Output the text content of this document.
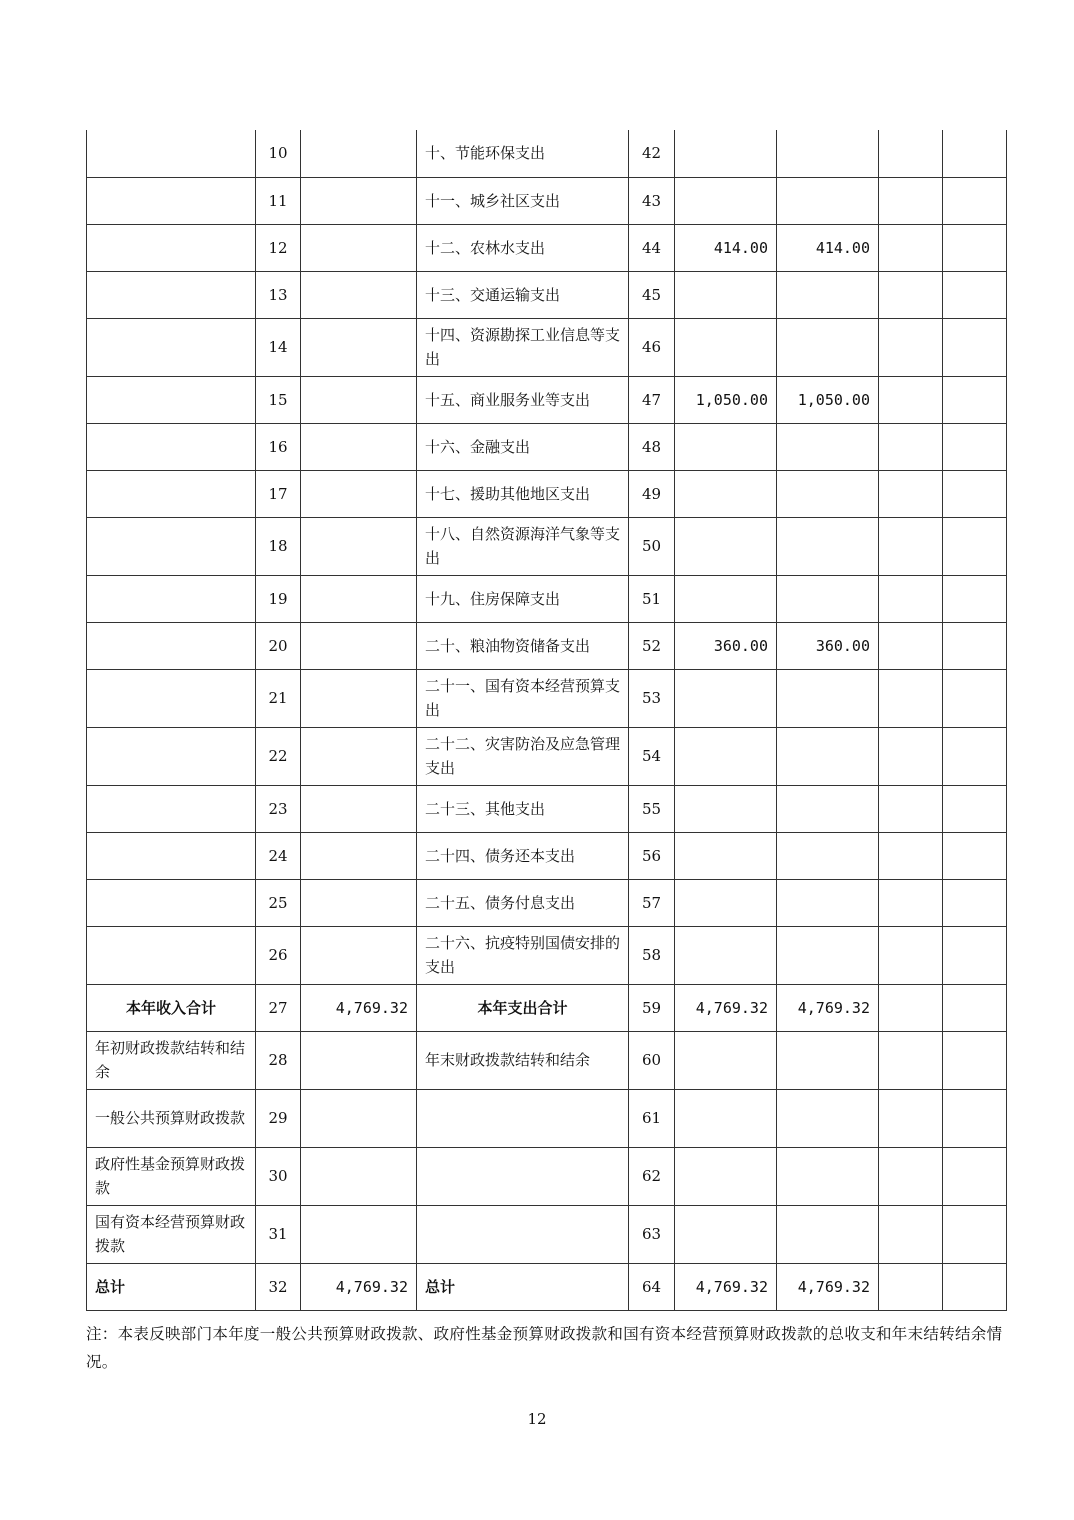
	10		十、节能环保支出	42				
	11		十一、城乡社区支出	43				
	12		十二、农林水支出	44	414.00	414.00		
	13		十三、交通运输支出	45				
	14		十四、资源勘探工业信息等支出	46				
	15		十五、商业服务业等支出	47	1,050.00	1,050.00		
	16		十六、金融支出	48				
	17		十七、援助其他地区支出	49				
	18		十八、自然资源海洋气象等支出	50				
	19		十九、住房保障支出	51				
	20		二十、粮油物资储备支出	52	360.00	360.00		
	21		二十一、国有资本经营预算支出	53				
	22		二十二、灾害防治及应急管理支出	54				
	23		二十三、其他支出	55				
	24		二十四、债务还本支出	56				
	25		二十五、债务付息支出	57				
	26		二十六、抗疫特别国债安排的支出	58				
本年收入合计	27	4,769.32	本年支出合计	59	4,769.32	4,769.32		
年初财政拨款结转和结余	28		年末财政拨款结转和结余	60				
一般公共预算财政拨款	29			61				
政府性基金预算财政拨款	30			62				
国有资本经营预算财政拨款	31			63				
总计	32	4,769.32	总计	64	4,769.32	4,769.32		
注：本表反映部门本年度一般公共预算财政拨款、政府性基金预算财政拨款和国有资本经营预算财政拨款的总收支和年末结转结余情况。
12
